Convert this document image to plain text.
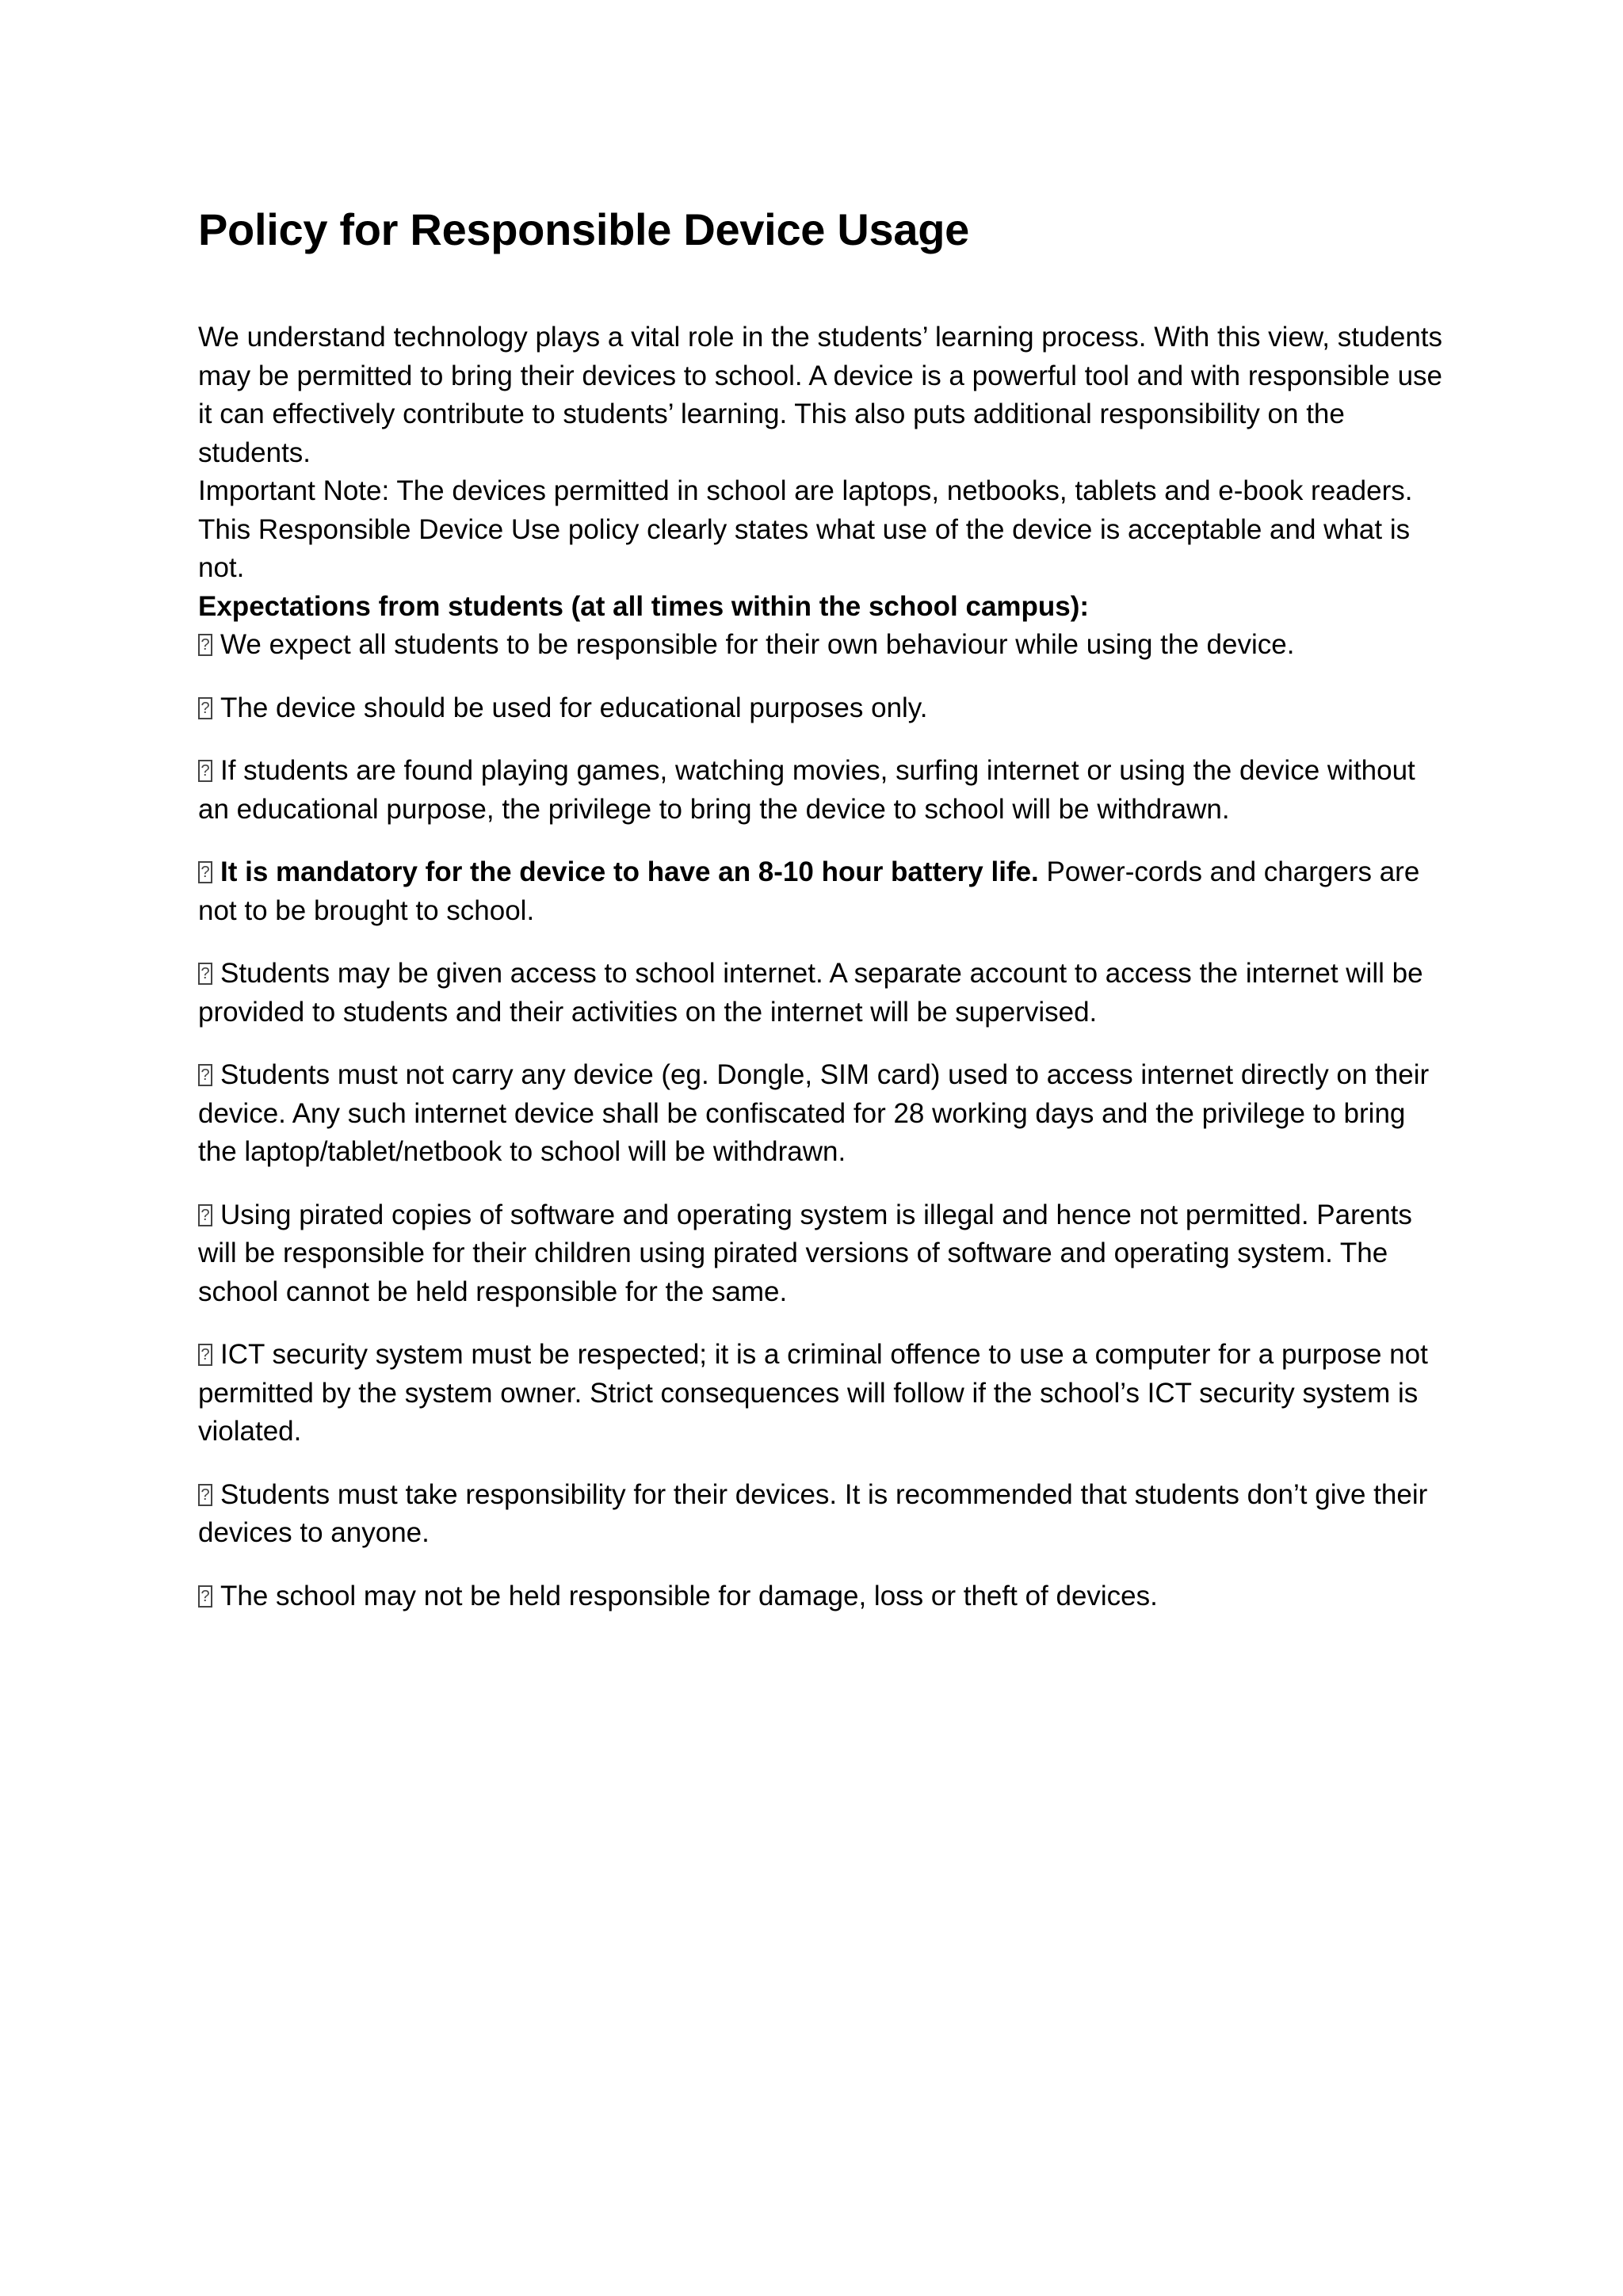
Policy for Responsible Device Usage

We understand technology plays a vital role in the students’ learning process. With this view, students may be permitted to bring their devices to school. A device is a powerful tool and with responsible use it can effectively contribute to students’ learning. This also puts additional responsibility on the students.

Important Note: The devices permitted in school are laptops, netbooks, tablets and e-book readers.

This Responsible Device Use policy clearly states what use of the device is acceptable and what is not.

Expectations from students (at all times within the school campus):

?We expect all students to be responsible for their own behaviour while using the device.
?The device should be used for educational purposes only.
?If students are found playing games, watching movies, surfing internet or using the device without an educational purpose, the privilege to bring the device to school will be withdrawn.
?It is mandatory for the device to have an 8-10 hour battery life. Power-cords and chargers are not to be brought to school.
?Students may be given access to school internet. A separate account to access the internet will be provided to students and their activities on the internet will be supervised.
?Students must not carry any device (eg. Dongle, SIM card) used to access internet directly on their device. Any such internet device shall be confiscated for 28 working days and the privilege to bring the laptop/tablet/netbook to school will be withdrawn.
?Using pirated copies of software and operating system is illegal and hence not permitted. Parents will be responsible for their children using pirated versions of software and operating system. The school cannot be held responsible for the same.
?ICT security system must be respected; it is a criminal offence to use a computer for a purpose not permitted by the system owner. Strict consequences will follow if the school’s ICT security system is violated.
?Students must take responsibility for their devices. It is recommended that students don’t give their devices to anyone.
?The school may not be held responsible for damage, loss or theft of devices.
